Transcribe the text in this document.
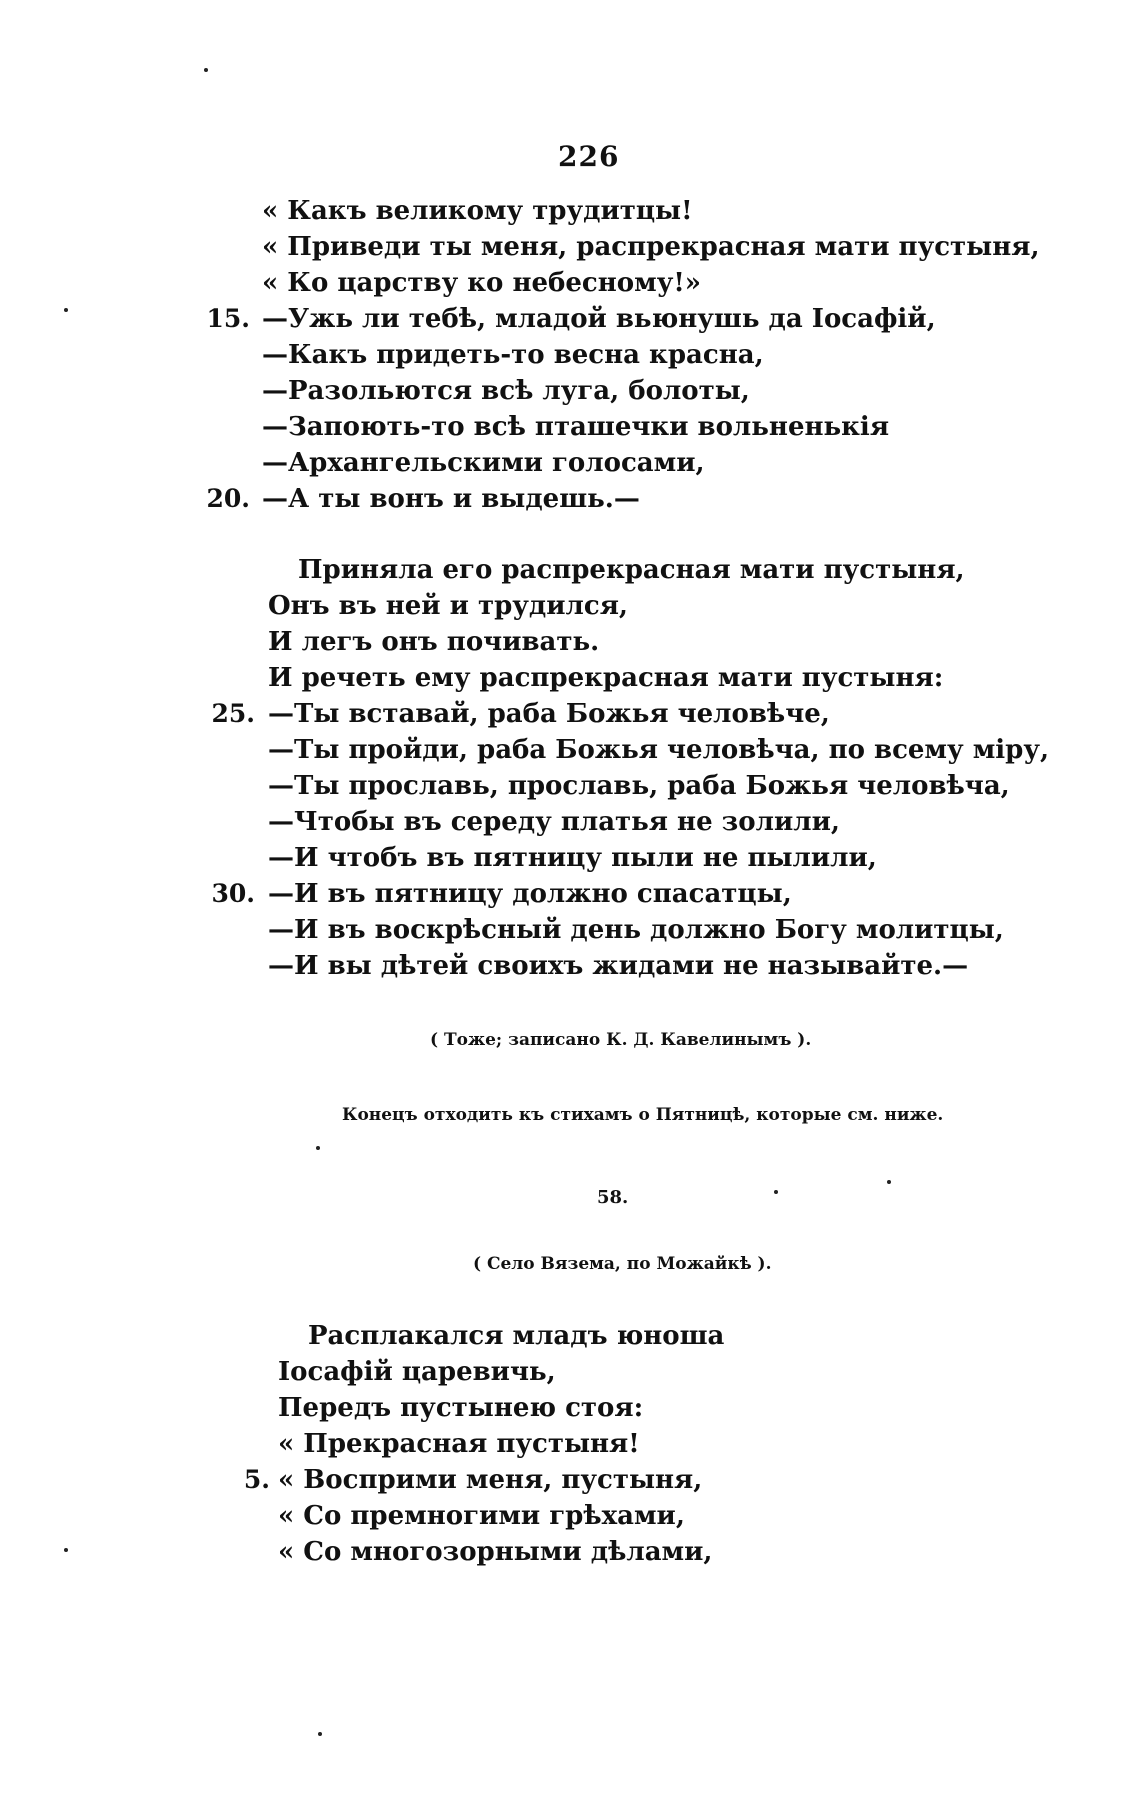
226
« Какъ великому трудитцы!
« Приведи ты меня, распрекрасная мати пустыня,
« Ко царству ко небесному!»
15. —Ужь ли тебѣ, младой вьюнушь да Іосафій,
—Какъ придеть-то весна красна,
—Разольются всѣ луга, болоты,
—Запоють-то всѣ пташечки вольненькія
—Архангельскими голосами,
20. —А ты вонъ и выдешь.—
Приняла его распрекрасная мати пустыня,
Онъ въ ней и трудился,
И легъ онъ почивать.
И речеть ему распрекрасная мати пустыня:
25. —Ты вставай, раба Божья человѣче,
—Ты пройди, раба Божья человѣча, по всему міру,
—Ты прославь, прославь, раба Божья человѣча,
—Чтобы въ середу платья не золили,
—И чтобъ въ пятницу пыли не пылили,
30. —И въ пятницу должно спасатцы,
—И въ воскрѣсный день должно Богу молитцы,
—И вы дѣтей своихъ жидами не называйте.—
( Тоже; записано К. Д. Кавелинымъ ).
Конецъ отходить къ стихамъ о Пятницѣ, которые см. ниже.
58.
( Село Вязема, по Можайкѣ ).
Расплакался младъ юноша
Іосафій царевичь,
Передъ пустынею стоя:
« Прекрасная пустыня!
5. « Восприми меня, пустыня,
« Со премногими грѣхами,
« Со многозорными дѣлами,
